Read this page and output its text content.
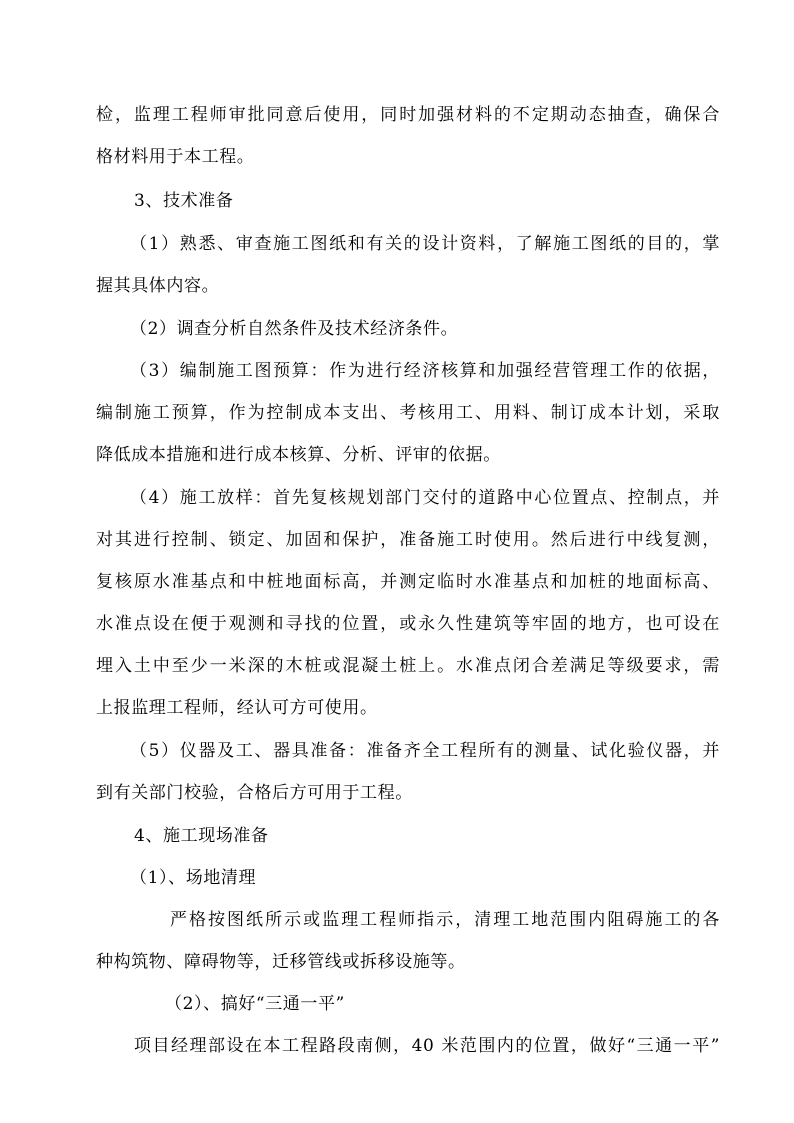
检，监理工程师审批同意后使用，同时加强材料的不定期动态抽查，确保合
格材料用于本工程。
3、技术准备
（1）熟悉、审查施工图纸和有关的设计资料，了解施工图纸的目的，掌
握其具体内容。
（2）调查分析自然条件及技术经济条件。
（3）编制施工图预算：作为进行经济核算和加强经营管理工作的依据，
编制施工预算，作为控制成本支出、考核用工、用料、制订成本计划，采取
降低成本措施和进行成本核算、分析、评审的依据。
（4）施工放样：首先复核规划部门交付的道路中心位置点、控制点，并
对其进行控制、锁定、加固和保护，准备施工时使用。然后进行中线复测，
复核原水准基点和中桩地面标高，并测定临时水准基点和加桩的地面标高、
水准点设在便于观测和寻找的位置，或永久性建筑等牢固的地方，也可设在
埋入土中至少一米深的木桩或混凝土桩上。水准点闭合差满足等级要求，需
上报监理工程师，经认可方可使用。
（5）仪器及工、器具准备：准备齐全工程所有的测量、试化验仪器，并
到有关部门校验，合格后方可用于工程。
4、施工现场准备
（1）、场地清理
严格按图纸所示或监理工程师指示，清理工地范围内阻碍施工的各
种构筑物、障碍物等，迁移管线或拆移设施等。
（2）、搞好“三通一平”
项目经理部设在本工程路段南侧，40 米范围内的位置，做好“三通一平”
